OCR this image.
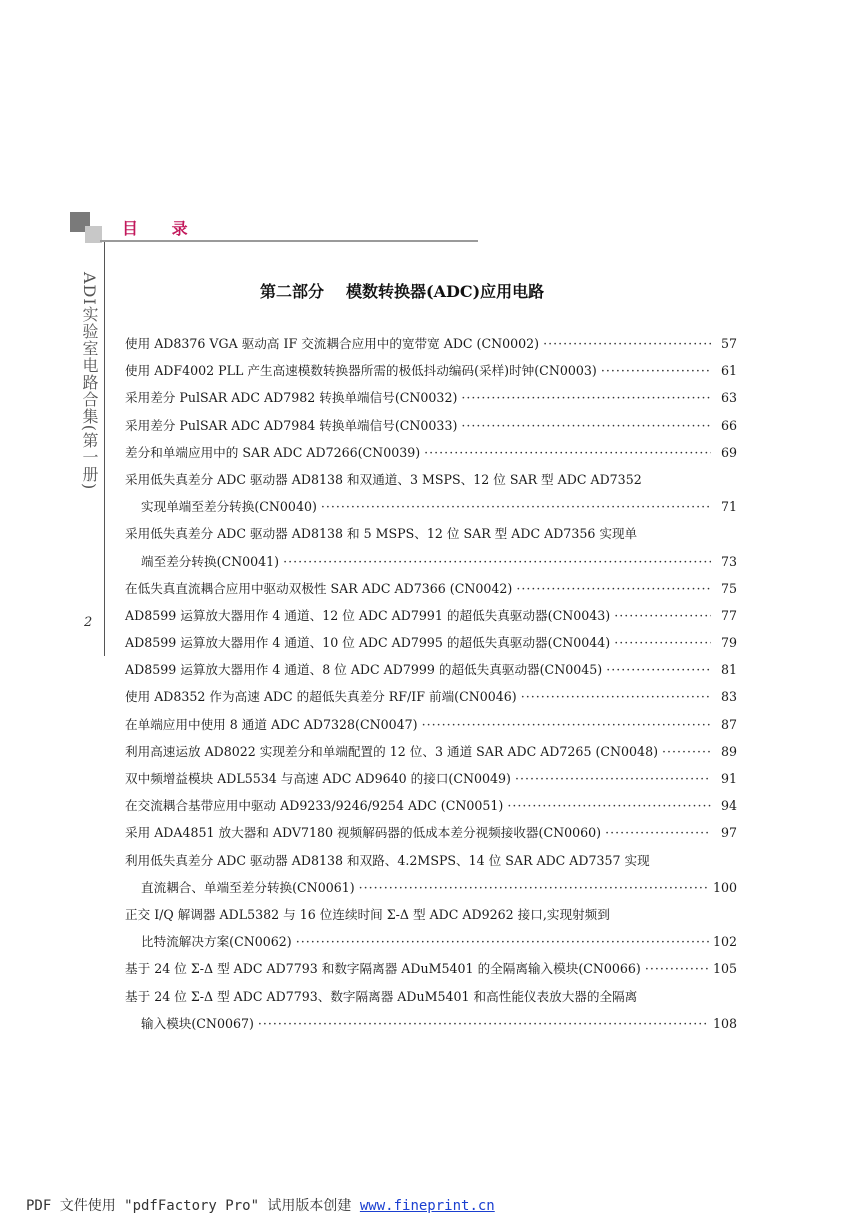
目 录
ADI实验室电路合集(第一册)
2
第二部分 模数转换器(ADC)应用电路
使用 AD8376 VGA 驱动高 IF 交流耦合应用中的宽带宽 ADC (CN0002) ·····	57
使用 ADF4002 PLL 产生高速模数转换器所需的极低抖动编码(采样)时钟(CN0003) ·····	61
采用差分 PulSAR ADC AD7982 转换单端信号(CN0032) ·····	63
采用差分 PulSAR ADC AD7984 转换单端信号(CN0033) ·····	66
差分和单端应用中的 SAR ADC AD7266(CN0039) ·····	69
采用低失真差分 ADC 驱动器 AD8138 和双通道、3 MSPS、12 位 SAR 型 ADC AD7352
实现单端至差分转换(CN0040) ·····	71
采用低失真差分 ADC 驱动器 AD8138 和 5 MSPS、12 位 SAR 型 ADC AD7356 实现单
端至差分转换(CN0041) ·····	73
在低失真直流耦合应用中驱动双极性 SAR ADC AD7366 (CN0042) ·····	75
AD8599 运算放大器用作 4 通道、12 位 ADC AD7991 的超低失真驱动器(CN0043) ·····	77
AD8599 运算放大器用作 4 通道、10 位 ADC AD7995 的超低失真驱动器(CN0044) ·····	79
AD8599 运算放大器用作 4 通道、8 位 ADC AD7999 的超低失真驱动器(CN0045) ·····	81
使用 AD8352 作为高速 ADC 的超低失真差分 RF/IF 前端(CN0046) ·····	83
在单端应用中使用 8 通道 ADC AD7328(CN0047) ·····	87
利用高速运放 AD8022 实现差分和单端配置的 12 位、3 通道 SAR ADC AD7265 (CN0048) ·····	89
双中频增益模块 ADL5534 与高速 ADC AD9640 的接口(CN0049) ·····	91
在交流耦合基带应用中驱动 AD9233/9246/9254 ADC (CN0051) ·····	94
采用 ADA4851 放大器和 ADV7180 视频解码器的低成本差分视频接收器(CN0060) ·····	97
利用低失真差分 ADC 驱动器 AD8138 和双路、4.2MSPS、14 位 SAR ADC AD7357 实现
直流耦合、单端至差分转换(CN0061) ·····	100
正交 I/Q 解调器 ADL5382 与 16 位连续时间 Σ-Δ 型 ADC AD9262 接口,实现射频到
比特流解决方案(CN0062) ·····	102
基于 24 位 Σ-Δ 型 ADC AD7793 和数字隔离器 ADuM5401 的全隔离输入模块(CN0066) ·····	105
基于 24 位 Σ-Δ 型 ADC AD7793、数字隔离器 ADuM5401 和高性能仪表放大器的全隔离
输入模块(CN0067) ·····	108
PDF 文件使用 "pdfFactory Pro" 试用版本创建 www.fineprint.cn
